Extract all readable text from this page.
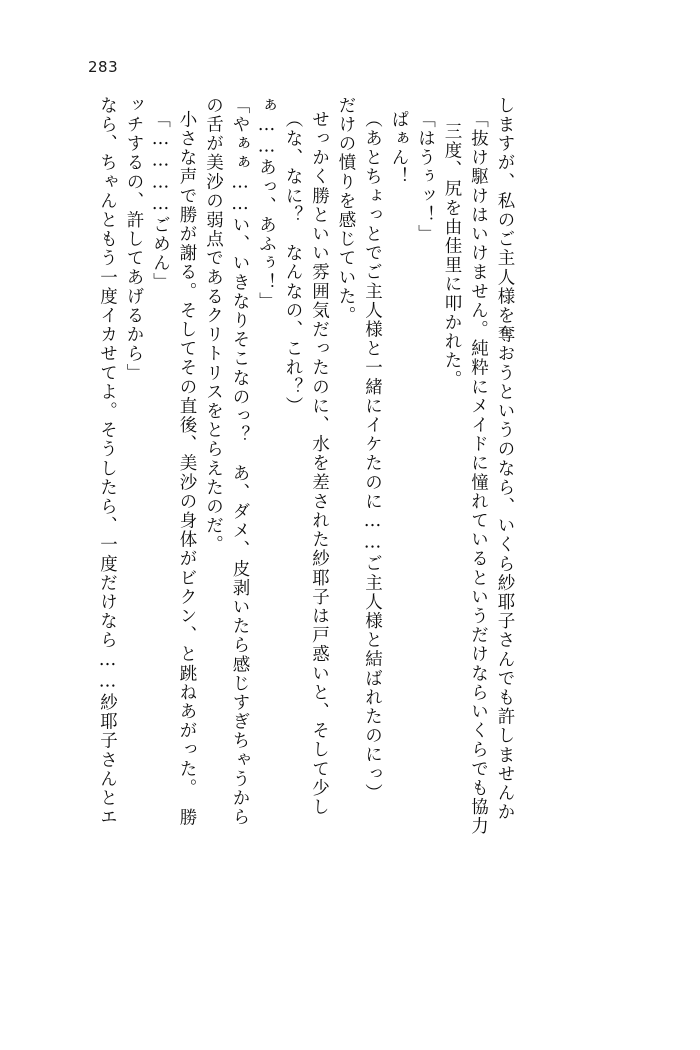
283
なら、ちゃんともう一度イカせてよ。そうしたら、一度だけなら……紗耶子さんとエ ッチするの、許してあげるから」 「…………ごめん」 小さな声で勝が謝る。そしてその直後、美沙の身体がビクン、と跳ねあがった。　勝 の舌が美沙の弱点であるクリトリスをとらえたのだ。 「やぁぁ……い、いきなりそこなのっ？　あ、ダメ、皮剥いたら感じすぎちゃうから ぁ……あっ、あふぅ！」 （な、なに？　なんなの、これ？） せっかく勝といい雰囲気だったのに、水を差された紗耶子は戸惑いと、そして少し だけの憤りを感じていた。 （あとちょっとでご主人様と一緒にイケたのに……ご主人様と結ばれたのにっ） ぱぁん！ 「はうぅッ！」 三度、尻を由佳里に叩かれた。 「抜け駆けはいけません。純粋にメイドに憧れているというだけならいくらでも協力 しますが、私のご主人様を奪おうというのなら、いくら紗耶子さんでも許しませんか
